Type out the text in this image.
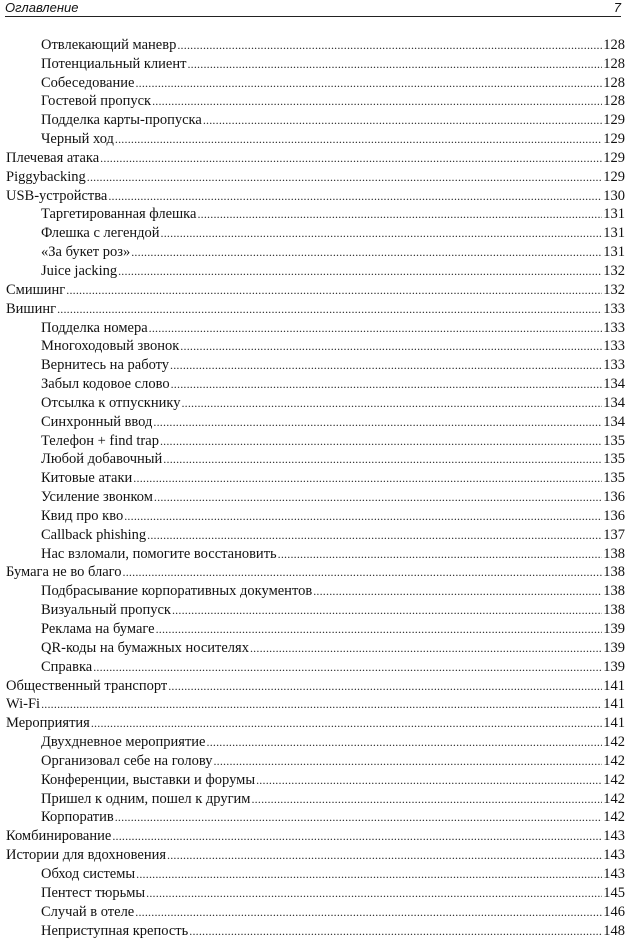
Оглавление	7
Отвлекающий маневр . . .	128
Потенциальный клиент . . .	128
Собеседование . . .	128
Гостевой пропуск . . .	128
Подделка карты-пропуска . . .	129
Черный ход . . .	129
Плечевая атака . . .	129
Piggybacking . . .	129
USB-устройства . . .	130
Таргетированная флешка . . .	131
Флешка с легендой . . .	131
«За букет роз» . . .	131
Juice jacking . . .	132
Смишинг . . .	132
Вишинг . . .	133
Подделка номера . . .	133
Многоходовый звонок . . .	133
Вернитесь на работу . . .	133
Забыл кодовое слово . . .	134
Отсылка к отпускнику . . .	134
Синхронный ввод . . .	134
Телефон + find trap . . .	135
Любой добавочный . . .	135
Китовые атаки . . .	135
Усиление звонком . . .	136
Квид про кво . . .	136
Callback phishing . . .	137
Нас взломали, помогите восстановить . . .	138
Бумага не во благо . . .	138
Подбрасывание корпоративных документов . . .	138
Визуальный пропуск . . .	138
Реклама на бумаге . . .	139
QR-коды на бумажных носителях . . .	139
Справка . . .	139
Общественный транспорт . . .	141
Wi-Fi . . .	141
Мероприятия . . .	141
Двухдневное мероприятие . . .	142
Организовал себе на голову . . .	142
Конференции, выставки и форумы . . .	142
Пришел к одним, пошел к другим . . .	142
Корпоратив . . .	142
Комбинирование . . .	143
Истории для вдохновения . . .	143
Обход системы . . .	143
Пентест тюрьмы . . .	145
Случай в отеле . . .	146
Неприступная крепость . . .	148
